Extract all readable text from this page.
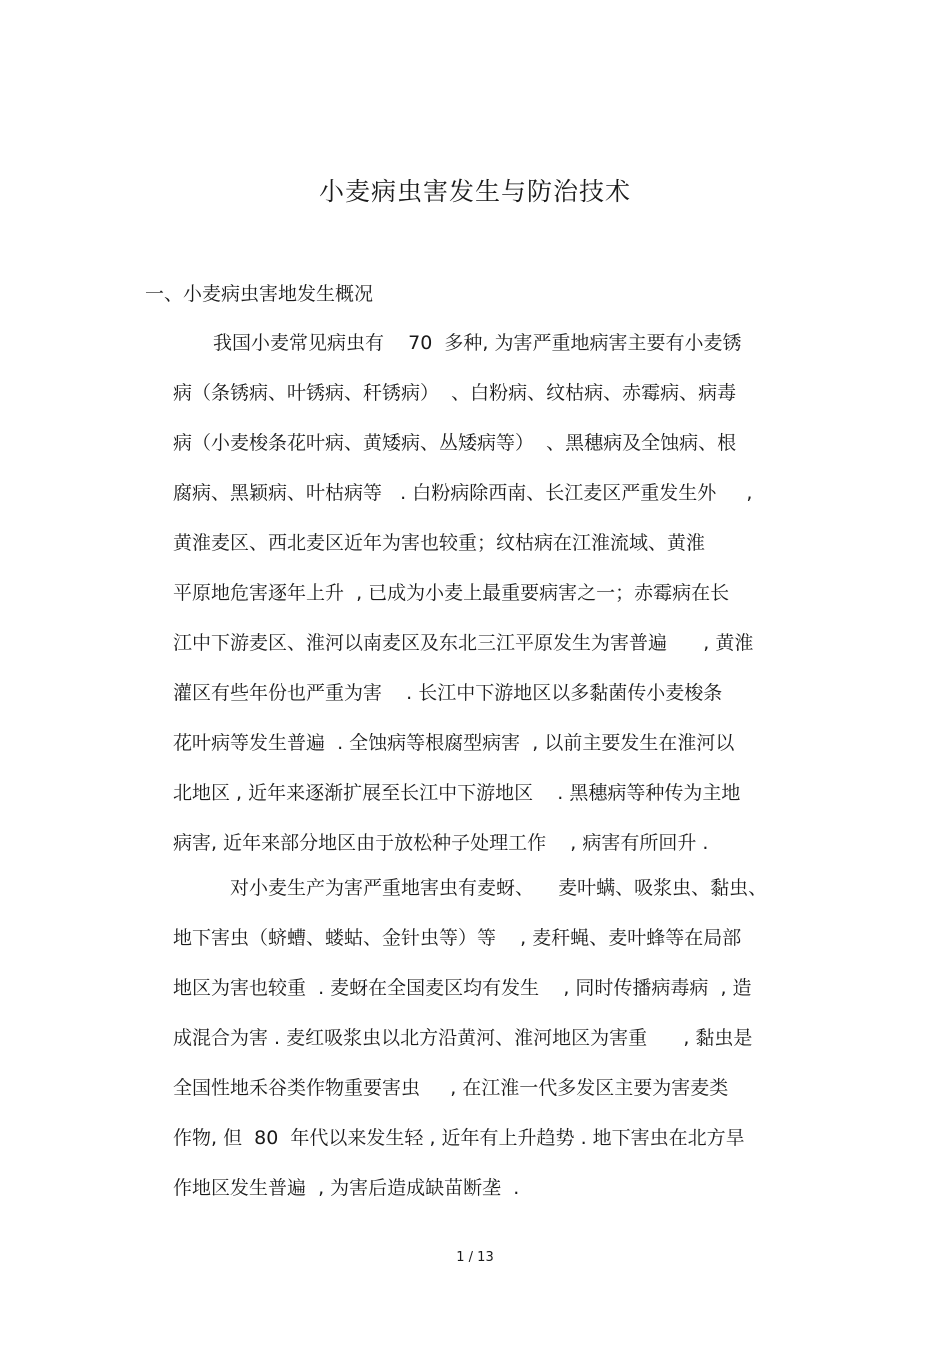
小麦病虫害发生与防治技术
一、小麦病虫害地发生概况
我国小麦常见病虫有    70  多种, 为害严重地病害主要有小麦锈
病（条锈病、叶锈病、秆锈病）  、白粉病、纹枯病、赤霉病、病毒
病（小麦梭条花叶病、黄矮病、丛矮病等）  、黑穗病及全蚀病、根
腐病、黑颖病、叶枯病等   . 白粉病除西南、长江麦区严重发生外     ,
黄淮麦区、西北麦区近年为害也较重；纹枯病在江淮流域、黄淮
平原地危害逐年上升  , 已成为小麦上最重要病害之一；赤霉病在长
江中下游麦区、淮河以南麦区及东北三江平原发生为害普遍      , 黄淮
灌区有些年份也严重为害    . 长江中下游地区以多黏菌传小麦梭条
花叶病等发生普遍  . 全蚀病等根腐型病害  , 以前主要发生在淮河以
北地区 , 近年来逐渐扩展至长江中下游地区    . 黑穗病等种传为主地
病害, 近年来部分地区由于放松种子处理工作    , 病害有所回升 .
对小麦生产为害严重地害虫有麦蚜、    麦叶螨、吸浆虫、黏虫、
地下害虫（蛴螬、蝼蛄、金针虫等）等    , 麦秆蝇、麦叶蜂等在局部
地区为害也较重  . 麦蚜在全国麦区均有发生    , 同时传播病毒病  , 造
成混合为害 . 麦红吸浆虫以北方沿黄河、淮河地区为害重      , 黏虫是
全国性地禾谷类作物重要害虫     , 在江淮一代多发区主要为害麦类
作物, 但  80  年代以来发生轻 , 近年有上升趋势 . 地下害虫在北方旱
作地区发生普遍  , 为害后造成缺苗断垄  .
1 / 13
